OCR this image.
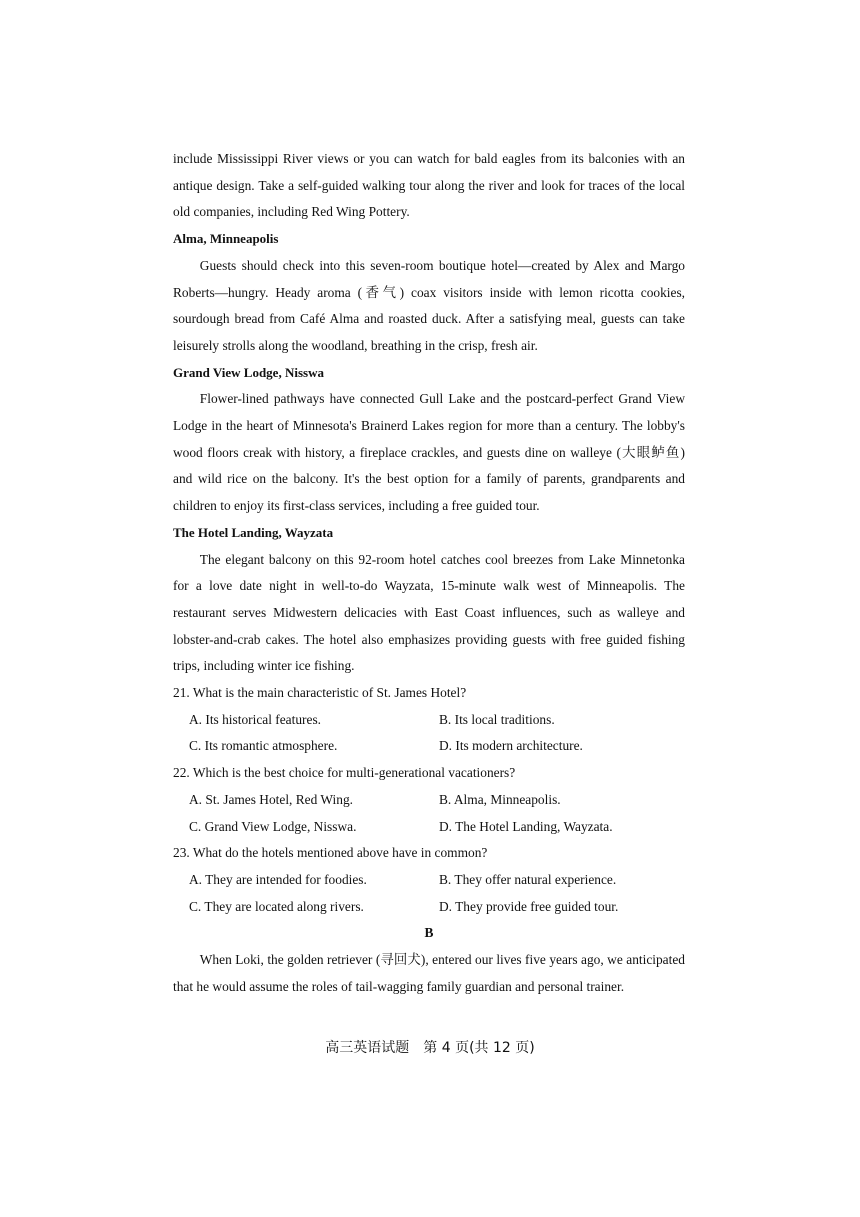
include Mississippi River views or you can watch for bald eagles from its balconies with an antique design. Take a self-guided walking tour along the river and look for traces of the local old companies, including Red Wing Pottery.

Alma, Minneapolis

Guests should check into this seven-room boutique hotel—created by Alex and Margo Roberts—hungry. Heady aroma (香气) coax visitors inside with lemon ricotta cookies, sourdough bread from Café Alma and roasted duck. After a satisfying meal, guests can take leisurely strolls along the woodland, breathing in the crisp, fresh air.

Grand View Lodge, Nisswa

Flower-lined pathways have connected Gull Lake and the postcard-perfect Grand View Lodge in the heart of Minnesota's Brainerd Lakes region for more than a century. The lobby's wood floors creak with history, a fireplace crackles, and guests dine on walleye (大眼鲈鱼) and wild rice on the balcony. It's the best option for a family of parents, grandparents and children to enjoy its first-class services, including a free guided tour.

The Hotel Landing, Wayzata

The elegant balcony on this 92-room hotel catches cool breezes from Lake Minnetonka for a love date night in well-to-do Wayzata, 15-minute walk west of Minneapolis. The restaurant serves Midwestern delicacies with East Coast influences, such as walleye and lobster-and-crab cakes. The hotel also emphasizes providing guests with free guided fishing trips, including winter ice fishing.

21. What is the main characteristic of St. James Hotel?

A. Its historical features.	B. Its local traditions.
C. Its romantic atmosphere.	D. Its modern architecture.

22. Which is the best choice for multi-generational vacationers?

A. St. James Hotel, Red Wing.	B. Alma, Minneapolis.
C. Grand View Lodge, Nisswa.	D. The Hotel Landing, Wayzata.

23. What do the hotels mentioned above have in common?

A. They are intended for foodies.	B. They offer natural experience.
C. They are located along rivers.	D. They provide free guided tour.

B

When Loki, the golden retriever (寻回犬), entered our lives five years ago, we anticipated that he would assume the roles of tail-wagging family guardian and personal trainer.

高三英语试题　第 4 页(共 12 页)
